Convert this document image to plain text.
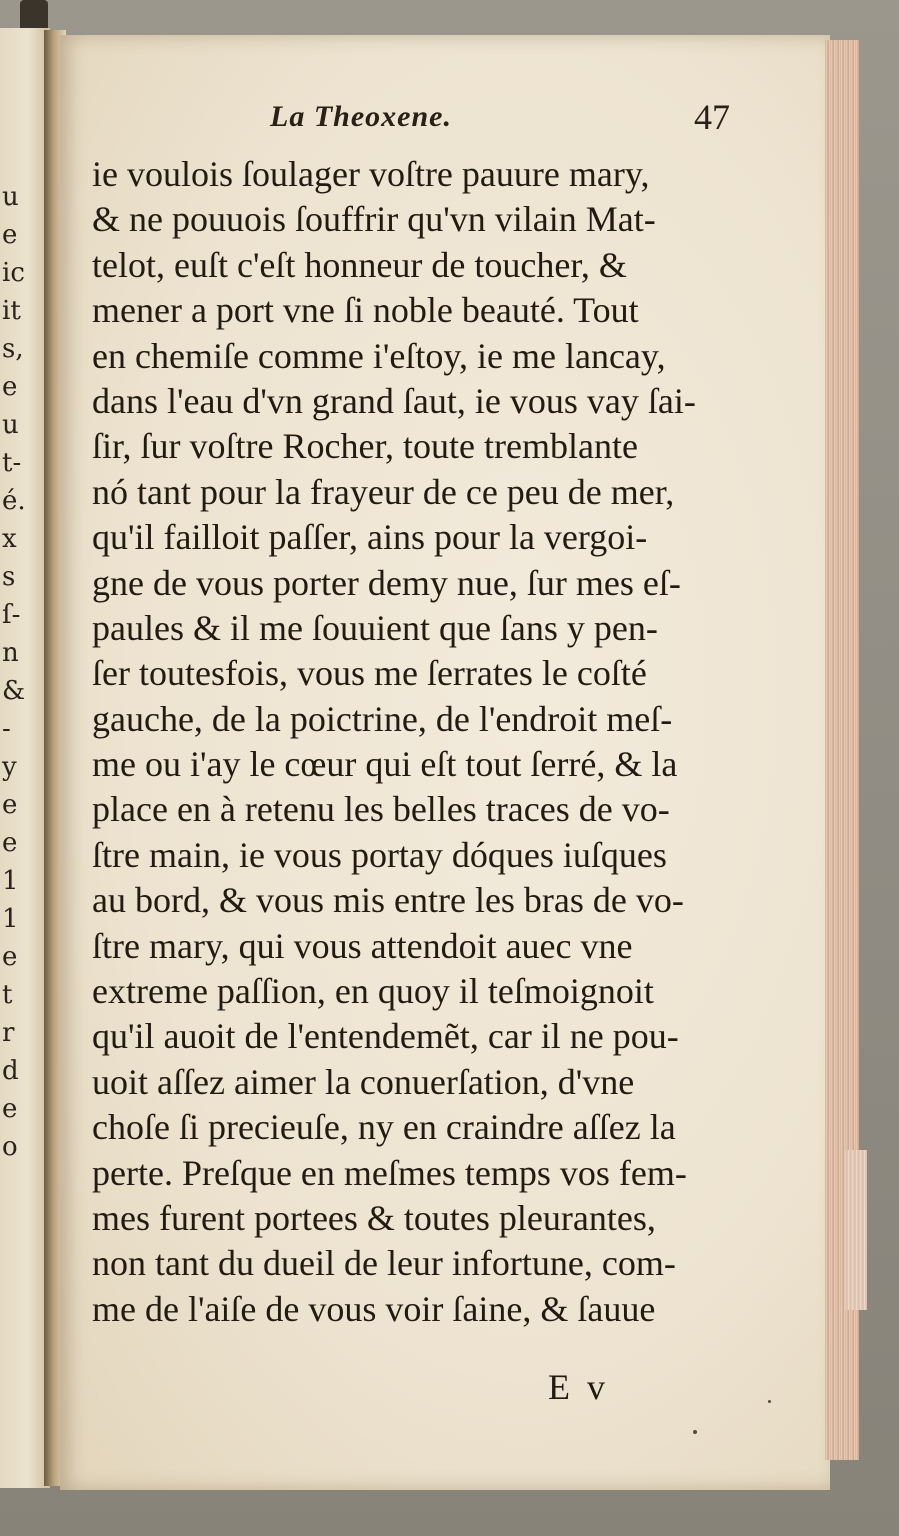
u
e
ic
it
s,
e
u
t-
é.
x
s
ſ-
n
&
-
y
e
e
1
1
e
t
r
d
e
o
La Theoxene.	47
ie voulois ſoulager voſtre pauure mary,
& ne pouuois ſouffrir qu'vn vilain Mat-
telot, euſt c'eſt honneur de toucher, &
mener a port vne ſi noble beauté. Tout
en chemiſe comme i'eſtoy, ie me lancay,
dans l'eau d'vn grand ſaut, ie vous vay ſai-
ſir, ſur voſtre Rocher, toute tremblante
nó tant pour la frayeur de ce peu de mer,
qu'il failloit paſſer, ains pour la vergoi-
gne de vous porter demy nue, ſur mes eſ-
paules & il me ſouuient que ſans y pen-
ſer toutesfois, vous me ſerrates le coſté
gauche, de la poictrine, de l'endroit meſ-
me ou i'ay le cœur qui eſt tout ſerré, & la
place en à retenu les belles traces de vo-
ſtre main, ie vous portay dóques iuſques
au bord, & vous mis entre les bras de vo-
ſtre mary, qui vous attendoit auec vne
extreme paſſion, en quoy il teſmoignoit
qu'il auoit de l'entendemẽt, car il ne pou-
uoit aſſez aimer la conuerſation, d'vne
choſe ſi precieuſe, ny en craindre aſſez la
perte. Preſque en meſmes temps vos fem-
mes furent portees & toutes pleurantes,
non tant du dueil de leur infortune, com-
me de l'aiſe de vous voir ſaine, & ſauue
E v
